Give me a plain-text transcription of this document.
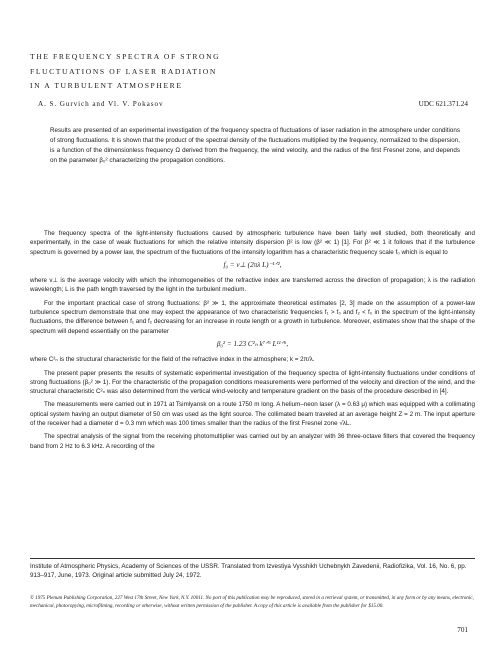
THE FREQUENCY SPECTRA OF STRONG
FLUCTUATIONS OF LASER RADIATION
IN A TURBULENT ATMOSPHERE
A. S. Gurvich and Vl. V. Pokasov	UDC 621.371.24
Results are presented of an experimental investigation of the frequency spectra of fluctuations of laser radiation in the atmosphere under conditions of strong fluctuations. It is shown that the product of the spectral density of the fluctuations multiplied by the frequency, normalized to the dispersion, is a function of the dimensionless frequency Ω derived from the frequency, the wind velocity, and the radius of the first Fresnel zone, and depends on the parameter β₀² characterizing the propagation conditions.

The frequency spectra of the light-intensity fluctuations caused by atmospheric turbulence have been fairly well studied, both theoretically and experimentally, in the case of weak fluctuations for which the relative intensity dispersion β² is low (β² ≪ 1) [1]. For β² ≪ 1 it follows that if the turbulence spectrum is governed by a power law, the spectrum of the fluctuations of the intensity logarithm has a characteristic frequency scale f₀ which is equal to

f₀ = v⊥ (2πλ L)⁻¹ᐟ²,

where v⊥ is the average velocity with which the inhomogeneities of the refractive index are transferred across the direction of propagation; λ is the radiation wavelength; L is the path length traversed by the light in the turbulent medium.

For the important practical case of strong fluctuations: β² ≫ 1, the approximate theoretical estimates [2, 3] made on the assumption of a power-law turbulence spectrum demonstrate that one may expect the appearance of two characteristic frequencies f₁ > f₀ and f₂ < f₀ in the spectrum of the light-intensity fluctuations, the difference between f₁ and f₂ decreasing for an increase in route length or a growth in turbulence. Moreover, estimates show that the shape of the spectrum will depend essentially on the parameter

β₀² = 1.23 C²ₙ k⁷ᐟ⁶ L¹¹ᐟ⁶,

where C²ₙ is the structural characteristic for the field of the refractive index in the atmosphere; k = 2π/λ.

The present paper presents the results of systematic experimental investigation of the frequency spectra of light-intensity fluctuations under conditions of strong fluctuations (β₀² ≫ 1). For the characteristic of the propagation conditions measurements were performed of the velocity and direction of the wind, and the structural characteristic C²ₙ was also determined from the vertical wind-velocity and temperature gradient on the basis of the procedure described in [4].

The measurements were carried out in 1971 at Tsimlyansk on a route 1750 m long. A helium–neon laser (λ = 0.63 μ) which was equipped with a collimating optical system having an output diameter of 50 cm was used as the light source. The collimated beam traveled at an average height Z = 2 m. The input aperture of the receiver had a diameter d = 0.3 mm which was 100 times smaller than the radius of the first Fresnel zone √λL.

The spectral analysis of the signal from the receiving photomultiplier was carried out by an analyzer with 36 three-octave filters that covered the frequency band from 2 Hz to 6.3 kHz. A recording of the

Institute of Atmospheric Physics, Academy of Sciences of the USSR. Translated from Izvestiya Vysshikh Uchebnykh Zavedenii, Radiofizika, Vol. 16, No. 6, pp. 913–917, June, 1973. Original article submitted July 24, 1972.
© 1975 Plenum Publishing Corporation, 227 West 17th Street, New York, N.Y. 10011. No part of this publication may be reproduced, stored in a retrieval system, or transmitted, in any form or by any means, electronic, mechanical, photocopying, microfilming, recording or otherwise, without written permission of the publisher. A copy of this article is available from the publisher for $15.00.
701
